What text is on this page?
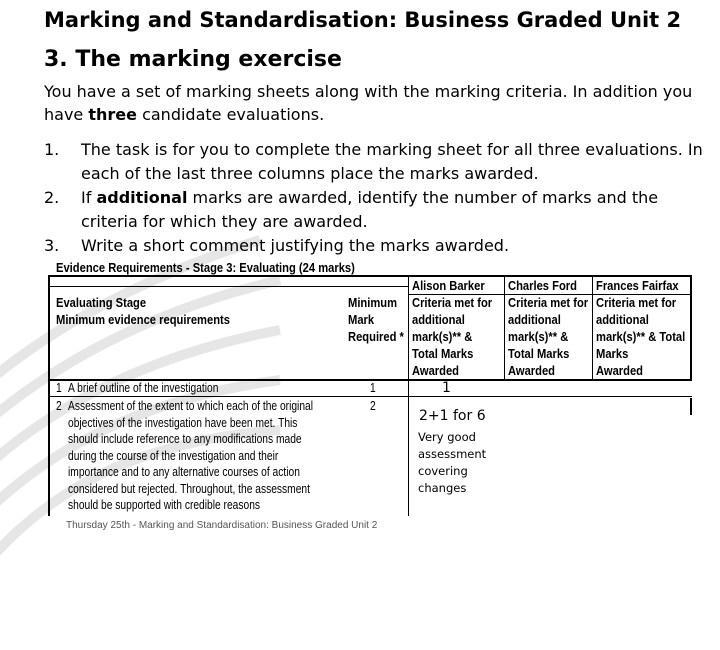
Marking and Standardisation: Business Graded Unit 2
3. The marking exercise
You have a set of marking sheets along with the marking criteria. In addition you have three candidate evaluations.
1. The task is for you to complete the marking sheet for all three evaluations. In each of the last three columns place the marks awarded.
2. If additional marks are awarded, identify the number of marks and the criteria for which they are awarded.
3. Write a short comment justifying the marks awarded.
Evidence Requirements - Stage 3: Evaluating (24 marks)
Evaluating Stage
Minimum evidence requirements
Minimum
Mark
Required *
Alison Barker
Criteria met for
additional
mark(s)** &
Total Marks
Awarded
Charles Ford
Criteria met for
additional
mark(s)** &
Total Marks
Awarded
Frances Fairfax
Criteria met for
additional
mark(s)** & Total
Marks
Awarded
1 A brief outline of the investigation	1	1
2 Assessment of the extent to which each of the original
objectives of the investigation have been met. This
should include reference to any modifications made
during the course of the investigation and their
importance and to any alternative courses of action
considered but rejected. Throughout, the assessment
should be supported with credible reasons
2
2+1 for 6
Very good
assessment
covering
changes
Thursday 25th - Marking and Standardisation: Business Graded Unit 2
